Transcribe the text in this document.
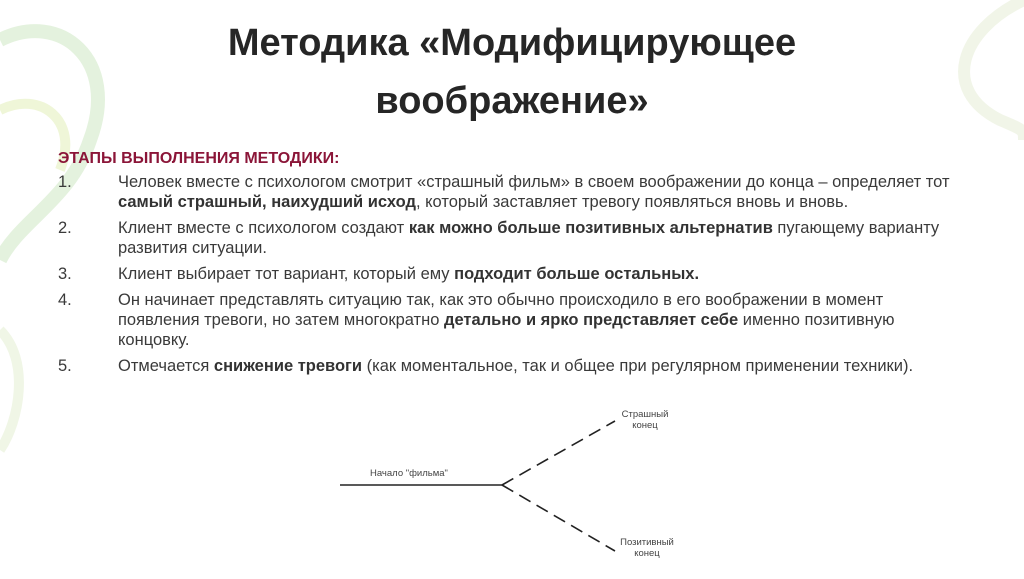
Методика «Модифицирующее
воображение»
ЭТАПЫ ВЫПОЛНЕНИЯ МЕТОДИКИ:
1.	Человек вместе с психологом смотрит «страшный фильм» в своем воображении до конца – определяет тот самый страшный, наихудший исход, который заставляет тревогу появляться вновь и вновь.
2.	Клиент вместе с психологом создают как можно больше позитивных альтернатив пугающему варианту развития ситуации.
3.	Клиент выбирает тот вариант, который ему подходит больше остальных.
4.	Он начинает представлять ситуацию так, как это обычно происходило в его воображении в момент появления тревоги, но затем многократно детально и ярко представляет себе именно позитивную концовку.
5.	Отмечается снижение тревоги (как моментальное, так и общее при регулярном применении техники).
Начало "фильма"
Страшный
конец
Позитивный
конец
